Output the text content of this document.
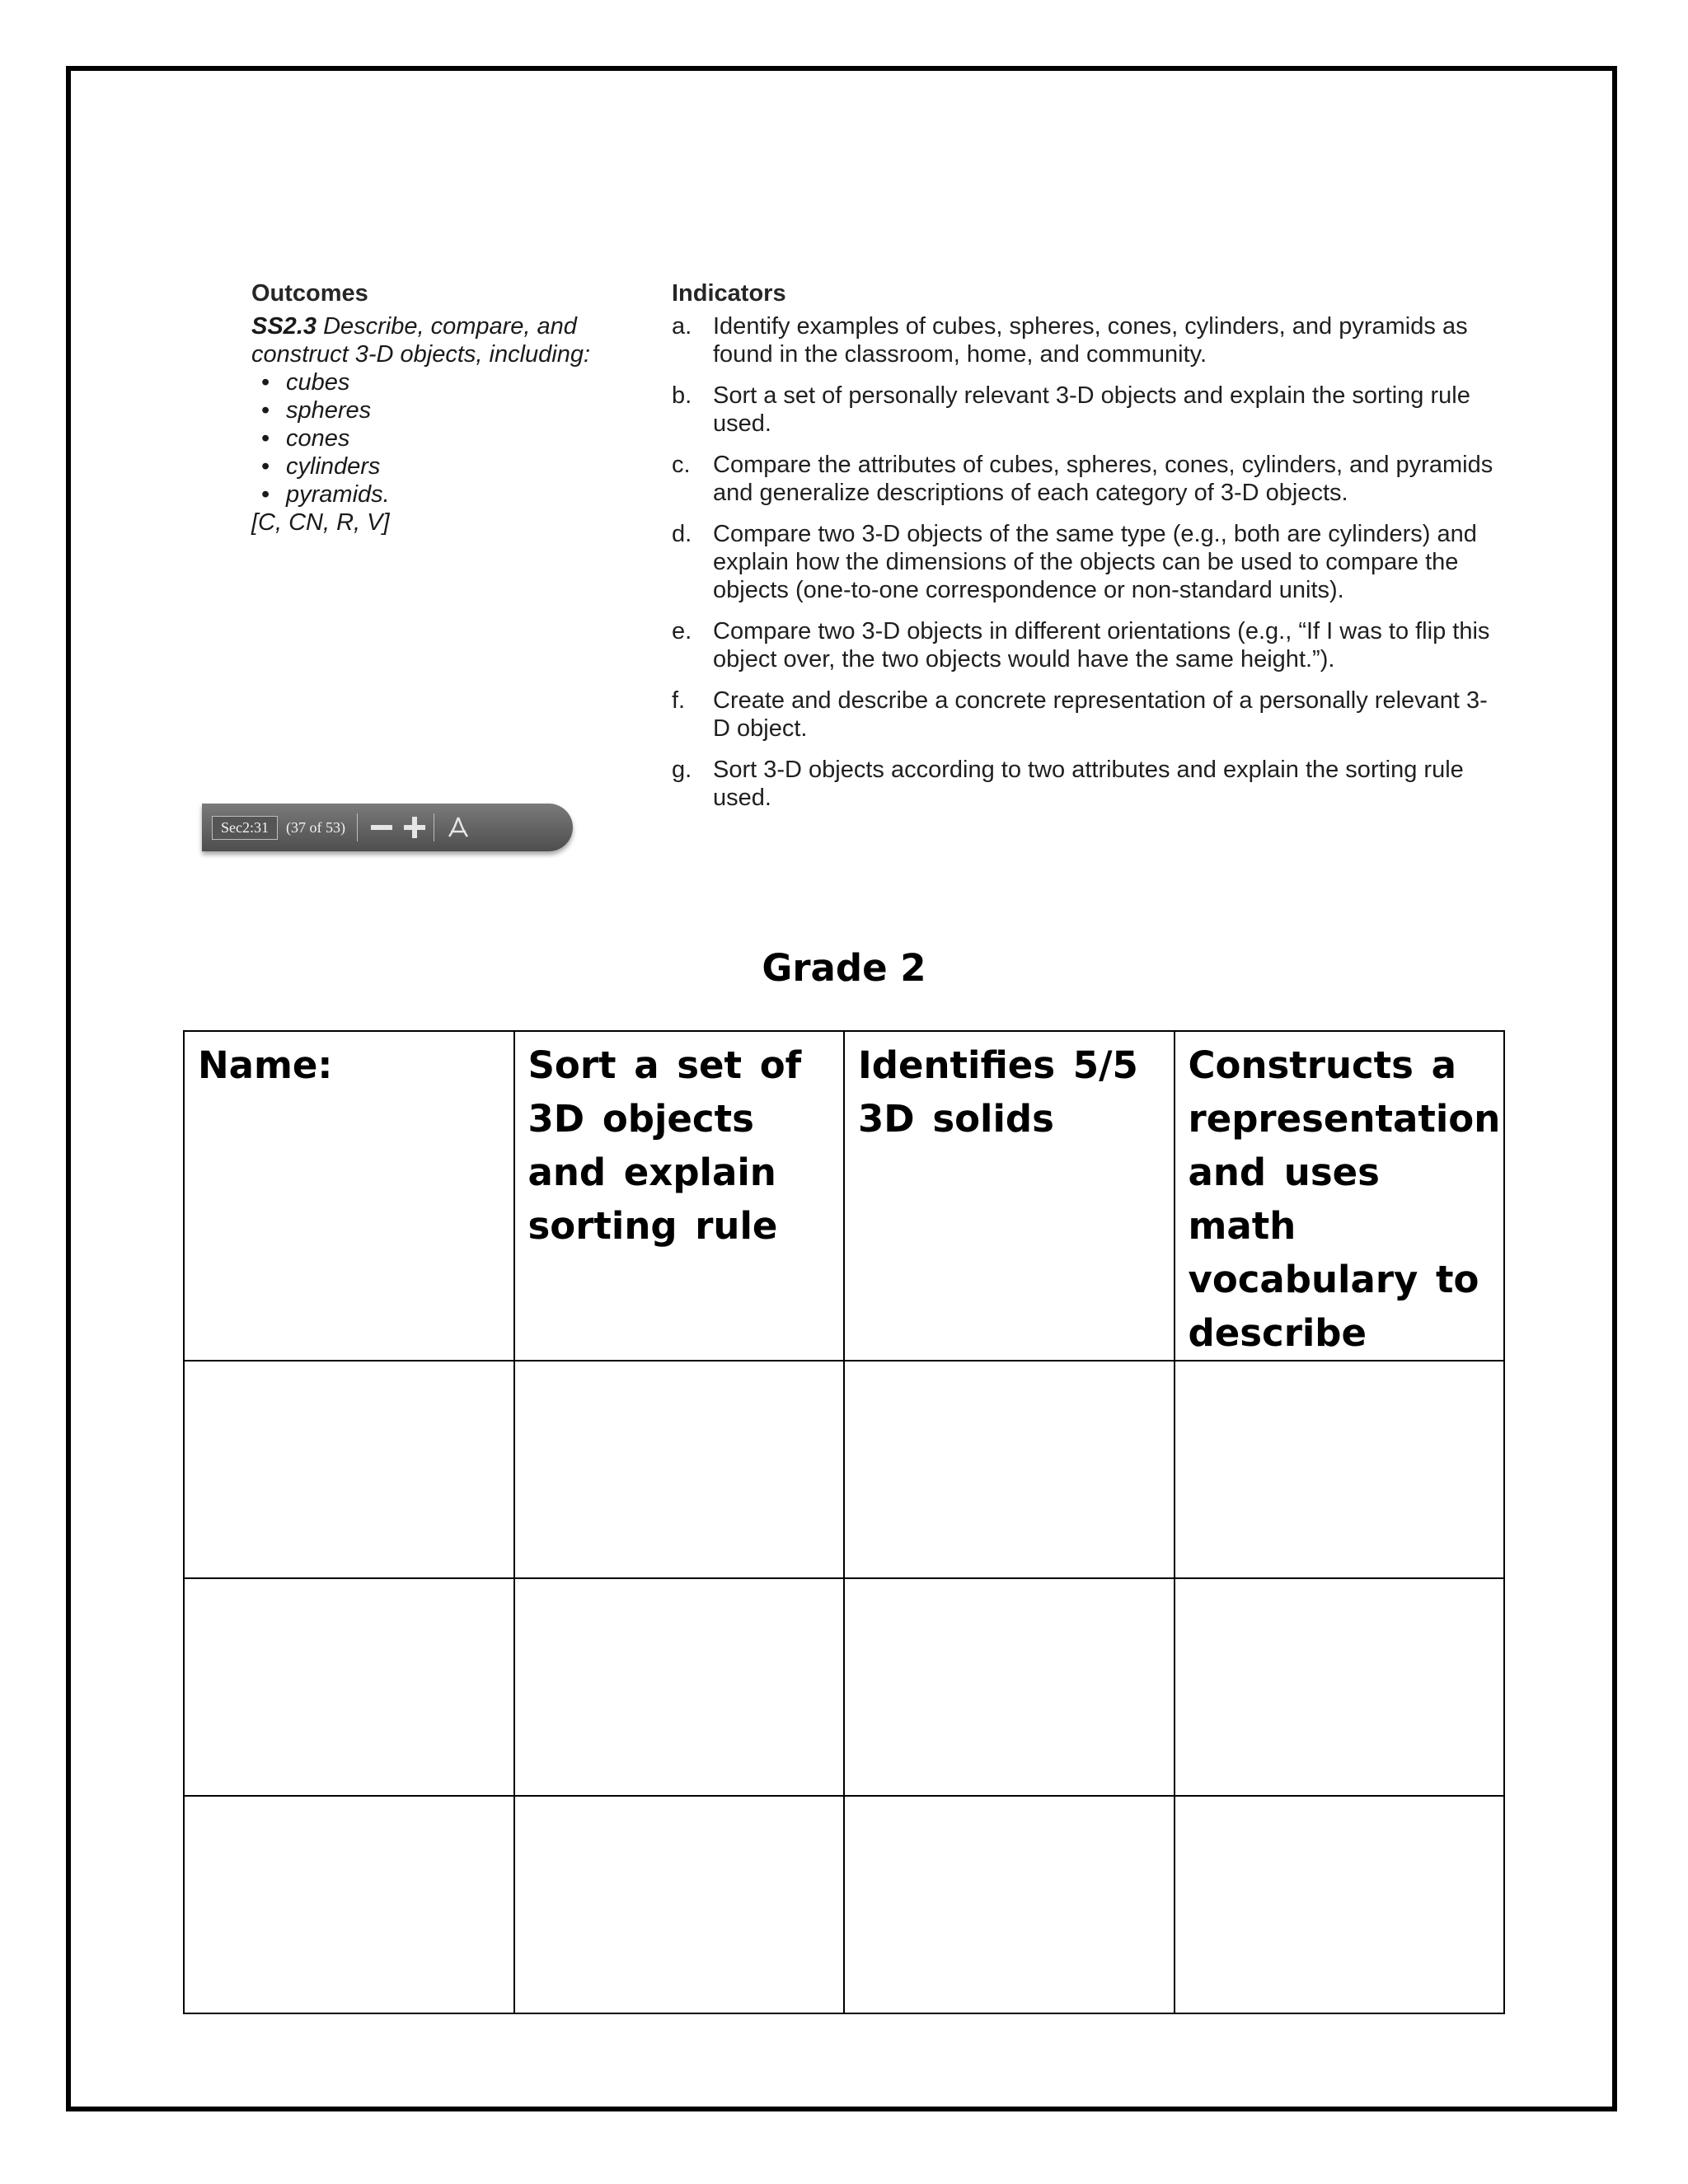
Outcomes
SS2.3 Describe, compare, and construct 3-D objects, including:
• cubes
• spheres
• cones
• cylinders
• pyramids.
[C, CN, R, V]
Sec2:31	(37 of 53)
Indicators
a. Identify examples of cubes, spheres, cones, cylinders, and pyramids as found in the classroom, home, and community.
b. Sort a set of personally relevant 3-D objects and explain the sorting rule used.
c. Compare the attributes of cubes, spheres, cones, cylinders, and pyramids and generalize descriptions of each category of 3-D objects.
d. Compare two 3-D objects of the same type (e.g., both are cylinders) and explain how the dimensions of the objects can be used to compare the objects (one-to-one correspondence or non-standard units).
e. Compare two 3-D objects in different orientations (e.g., “If I was to flip this object over, the two objects would have the same height.”).
f.	Create and describe a concrete representation of a personally relevant 3-D object.
g. Sort 3-D objects according to two attributes and explain the sorting rule used.
Grade 2
Name:	Sort a set of 3D objects and explain sorting rule	Identifies 5/5 3D solids	Constructs a representation and uses math vocabulary to describe
